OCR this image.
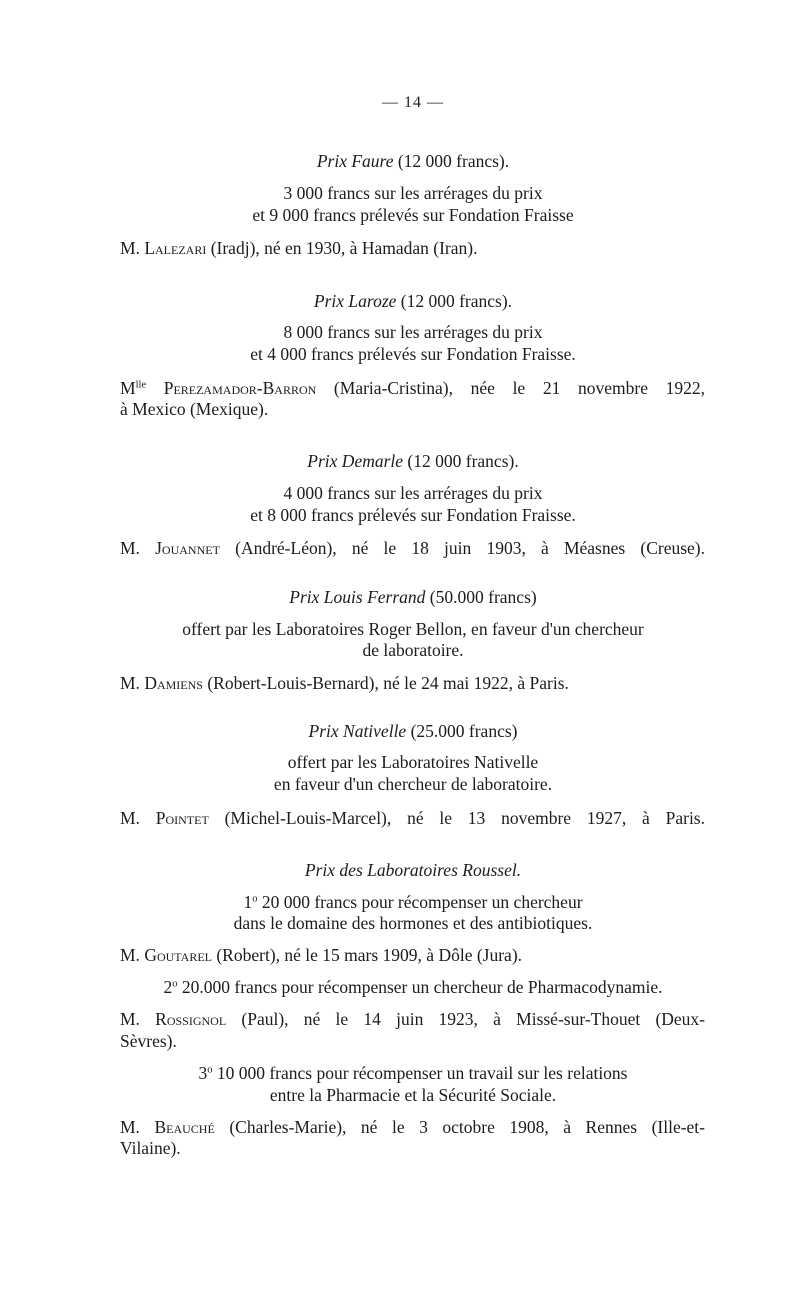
— 14 —
Prix Faure (12 000 francs).
3 000 francs sur les arrérages du prix
et 9 000 francs prélevés sur Fondation Fraisse
M. Lalezari (Iradj), né en 1930, à Hamadan (Iran).
Prix Laroze (12 000 francs).
8 000 francs sur les arrérages du prix
et 4 000 francs prélevés sur Fondation Fraisse.
$M^{lle}$ Perezamador-Barron (Maria-Cristina), née le 21 novembre 1922,
à Mexico (Mexique).
Prix Demarle (12 000 francs).
4 000 francs sur les arrérages du prix
et 8 000 francs prélevés sur Fondation Fraisse.
M. Jouannet (André-Léon), né le 18 juin 1903, à Méasnes (Creuse).
Prix Louis Ferrand (50.000 francs)
offert par les Laboratoires Roger Bellon, en faveur d'un chercheur
de laboratoire.
M. Damiens (Robert-Louis-Bernard), né le 24 mai 1922, à Paris.
Prix Nativelle (25.000 francs)
offert par les Laboratoires Nativelle
en faveur d'un chercheur de laboratoire.
M. Pointet (Michel-Louis-Marcel), né le 13 novembre 1927, à Paris.
Prix des Laboratoires Roussel.
1$^o$ 20 000 francs pour récompenser un chercheur
dans le domaine des hormones et des antibiotiques.
M. Goutarel (Robert), né le 15 mars 1909, à Dôle (Jura).
2$^o$ 20.000 francs pour récompenser un chercheur de Pharmacodynamie.
M. Rossignol (Paul), né le 14 juin 1923, à Missé-sur-Thouet (Deux-
Sèvres).
3$^o$ 10 000 francs pour récompenser un travail sur les relations
entre la Pharmacie et la Sécurité Sociale.
M. Beauché (Charles-Marie), né le 3 octobre 1908, à Rennes (Ille-et-
Vilaine).
